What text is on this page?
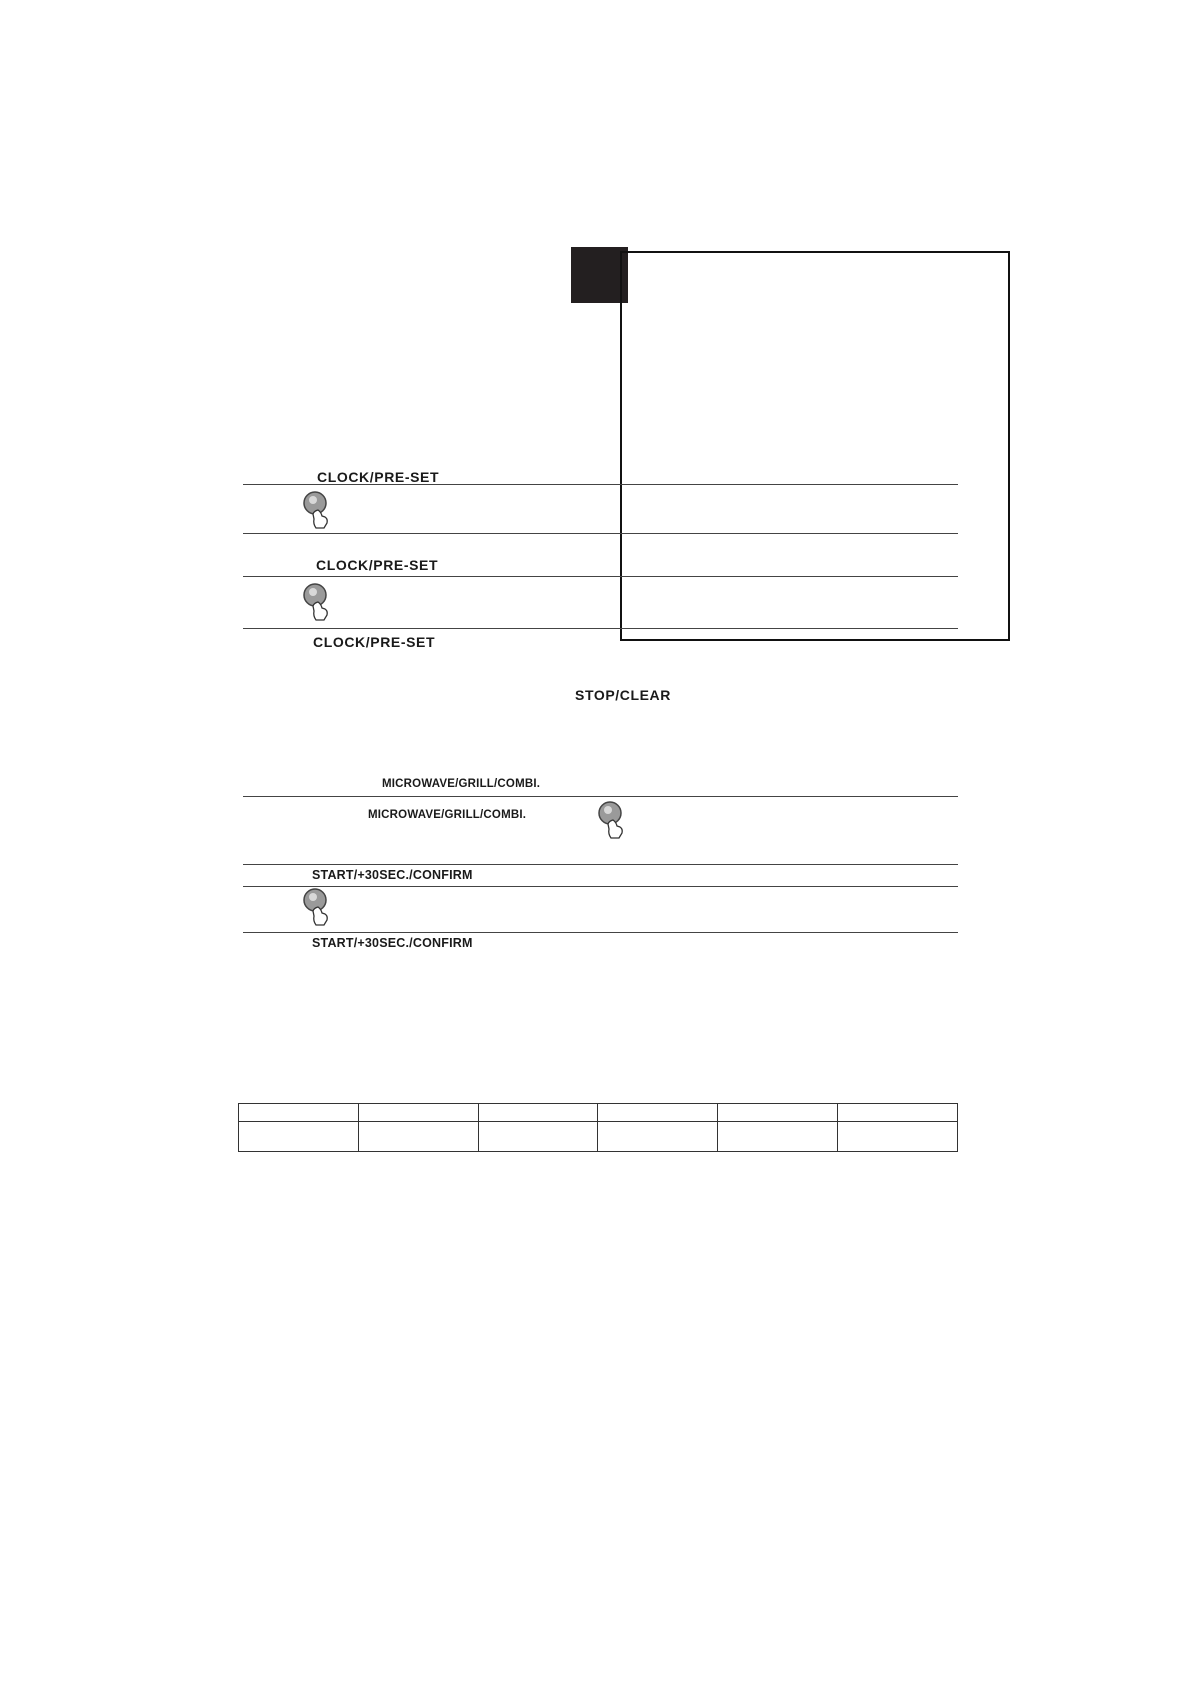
CLOCK/PRE-SET
CLOCK/PRE-SET
CLOCK/PRE-SET
STOP/CLEAR
MICROWAVE/GRILL/COMBI.
MICROWAVE/GRILL/COMBI.
START/+30SEC./CONFIRM
START/+30SEC./CONFIRM
